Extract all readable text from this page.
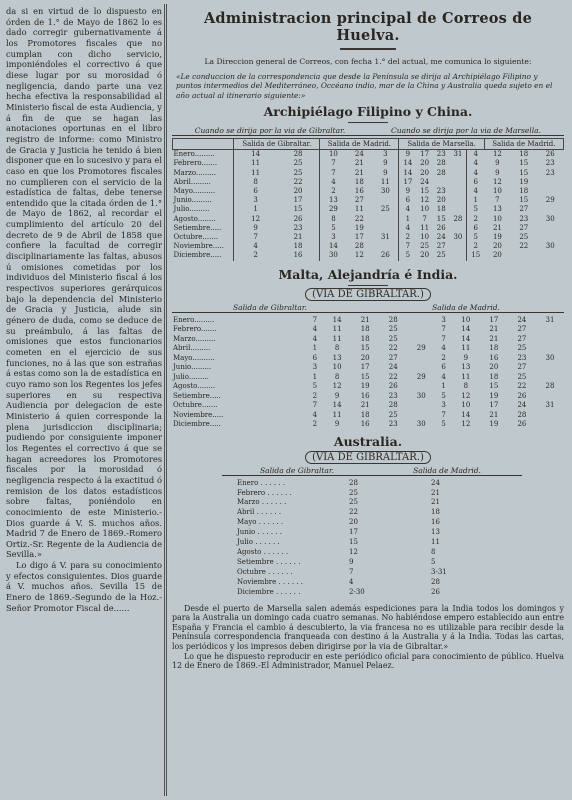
da si en virtud de lo dispuesto en órden de 1.° de Mayo de 1862 lo es dado corregir gubernativamente á los Promotores fiscales que no cumplan con dicho servicio, imponiéndoles el correctivo á que diese lugar por su morosidad ó negligencia, dando parte una vez hecha efectiva la responsabilidad al Ministerio fiscal de esta Audiencia, y á fin de que se hagan las anotaciones oportunas en el libro registro de informe: como Ministro de Gracia y Justicia he tenido á bien disponer que en lo sucesivo y para el caso en que los Promotores fiscales no cumplieren con el servicio de la estadística de faltas, debe tenerse entendido que la citada órden de 1.° de Mayo de 1862, al recordar el cumplimiento del artículo 20 del decreto de 9 de Abril de 1858 que confiere la facultad de corregir disciplinariamente las faltas, abusos ú omisiones cometidas por los individuos del Ministerio fiscal á los respectivos superiores gerárquicos bajo la dependencia del Ministerio de Gracia y Justicia, alude sin género de duda, como se deduce de su preámbulo, á las faltas de omisiones que estos funcionarios cometen en el ejercicio de sus funciones, no á las que son estrañas á estas como son la de estadística en cuyo ramo son los Regentes los jefes superiores en su respectiva Audiencia por delegacion de este Ministerio á quien corresponde la plena jurisdiccion disciplinaria; pudiendo por consiguiente imponer los Regentes el correctivo á que se hagan acreedores los Promotores fiscales por la morosidad ó negligencia respecto á la exactitud ó remision de los datos estadísticos sobre faltas, poniéndolo en conocimiento de este Ministerio.-Dios guarde á V. S. muchos años. Madrid 7 de Enero de 1869.-Romero Ortiz.-Sr. Regente de la Audiencia de Sevilla.»

Lo digo á V. para su conocimiento y efectos consiguientes. Dios guarde á V. muchos años. Sevilla 15 de Enero de 1869.-Segundo de la Hoz.-Señor Promotor Fiscal de......

Administracion principal de Correos de Huelva.
La Direccion general de Correos, con fecha 1.° del actual, me comunica lo siguiente:
«Le conduccion de la correspondencia que desde la Península se dirija al Archipiélago Filipino y puntos intermedios del Mediterráneo, Occéano indio, mar de la China y Australia queda sujeto en el año actual al itinerario siguiente:»
Archipiélago Filipino y China.
Cuando se dirija por la via de Gibraltar.	Cuando se dirija por la via de Marsella.
	Salida de Gibraltar.		Salida de Madrid.			Salida de Marsella.					Salida de Madrid.		
Enero.........	14	28	10	24	3	9	17	23	31	4	12	18	26
Febrero.......	11	25	7	21	9	14	20	28		4	9	15	23
Marzo.........	11	25	7	21	9	14	20	28		4	9	15	23
Abril.........	8	22	4	18	11	17	24			6	12	19	
Mayo..........	6	20	2	16	30	9	15	23		4	10	18	
Junio.........	3	17	13	27		6	12	20		1	7	15	29
Julio.........	1	15	29	11	25	4	10	18		5	13	27	
Agosto........	12	26	8	22		1	7	15	28	2	10	23	30
Setiembre.....	9	23	5	19		4	11	26		6	21	27	
Octubre.......	7	21	3	17	31	2	10	24	30	5	19	25	
Noviembre.....	4	18	14	28		7	25	27		2	20	22	30
Diciembre.....	2	16	30	12	26	5	20	25		15	20		
Malta, Alejandría é India.
(VIA DE GIBRALTAR.)
Salida de Gibraltar.	Salida de Madrid.
Enero.........	7	14	21	28		3	10	17	24	31
Febrero.......	4	11	18	25		7	14	21	27	
Marzo.........	4	11	18	25		7	14	21	27	
Abril.........	1	8	15	22	29	4	11	18	25	
Mayo..........	6	13	20	27		2	9	16	23	30
Junio.........	3	10	17	24		6	13	20	27	
Julio.........	1	8	15	22	29	4	11	18	25	
Agosto........	5	12	19	26		1	8	15	22	28
Setiembre.....	2	9	16	23	30	5	12	19	26	
Octubre.......	7	14	21	28		3	10	17	24	31
Noviembre.....	4	11	18	25		7	14	21	28	
Diciembre.....	2	9	16	23	30	5	12	19	26	
Australia.
(VIA DE GIBRALTAR.)
Salida de Gibraltar.	Salida de Madrid.
Enero . . . . . .	28	24
Febrero . . . . . .	25	21
Marzo . . . . . .	25	21
Abril . . . . . .	22	18
Mayo . . . . . .	20	16
Junio . . . . . .	17	13
Julio . . . . . .	15	11
Agosto . . . . . .	12	8
Setiembre . . . . . .	9	5
Octubre . . . . . .	7	3-31
Noviembre . . . . . .	4	28
Diciembre . . . . . .	2-30	26

Desde el puerto de Marsella salen además espediciones para la India todos los domingos y para la Australia un domingo cada cuatro semanas. No habiéndose empero establecido aun entre España y Francia el cambio á descubierto, la via francesa no es utilizable para recibir desde la Península correspondencia franqueada con destino á la Australia y á la India. Todas las cartas, los periódicos y los impresos deben dirigirse por la via de Gibraltar.»

Lo que he dispuesto reproducir en este periódico oficial para conocimiento de público. Huelva 12 de Enero de 1869.-El Administrador, Manuel Pelaez.
